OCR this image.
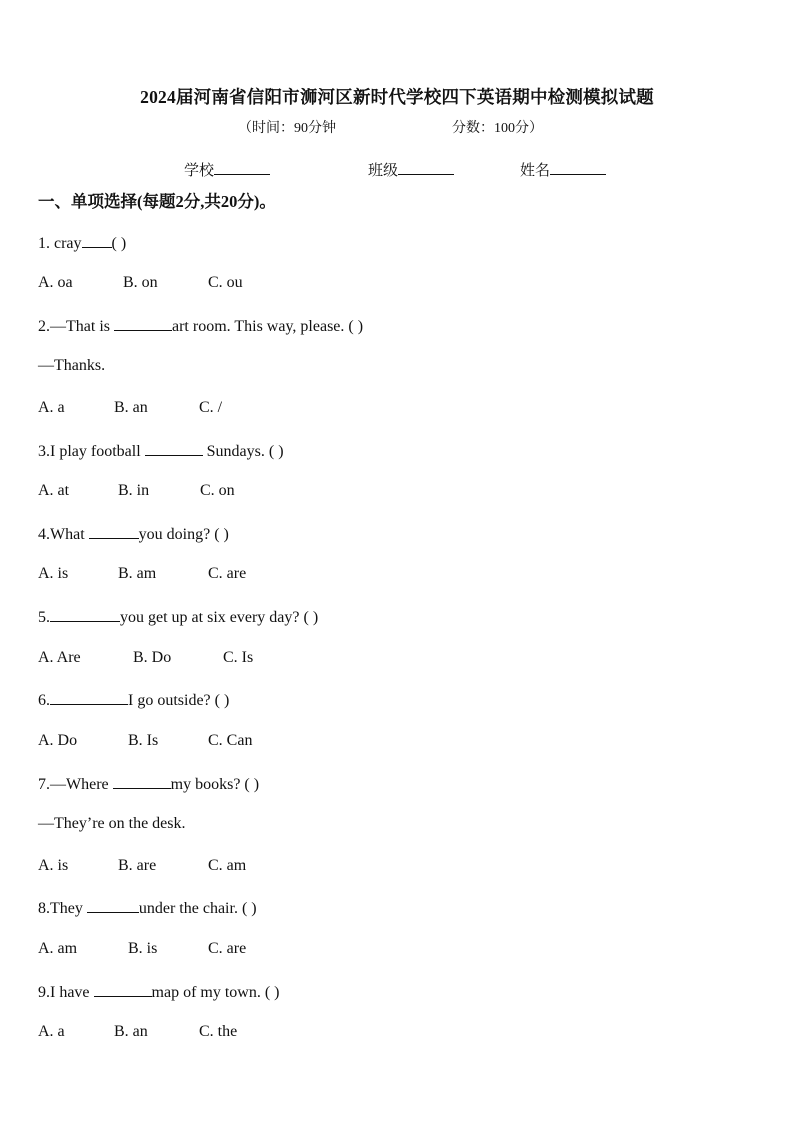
2024届河南省信阳市浉河区新时代学校四下英语期中检测模拟试题
（时间：90分钟	分数：100分）
学校	班级	姓名
一、单项选择(每题2分,共20分)。
1. cray ( )
A. oa	B. on	C. ou
2.—That is	art room. This way, please. ( )
—Thanks.
A. a	B. an	C. /
3.I play football	Sundays. ( )
A. at	B. in	C. on
4.What	you doing? ( )
A. is	B. am	C. are
5.	you get up at six every day? ( )
A. Are	B. Do	C. Is
6.	I go outside? ( )
A. Do	B. Is	C. Can
7.—Where	my books? ( )
—They’re on the desk.
A. is	B. are	C. am
8.They	under the chair. ( )
A. am	B. is	C. are
9.I have	map of my town. ( )
A. a	B. an	C. the
